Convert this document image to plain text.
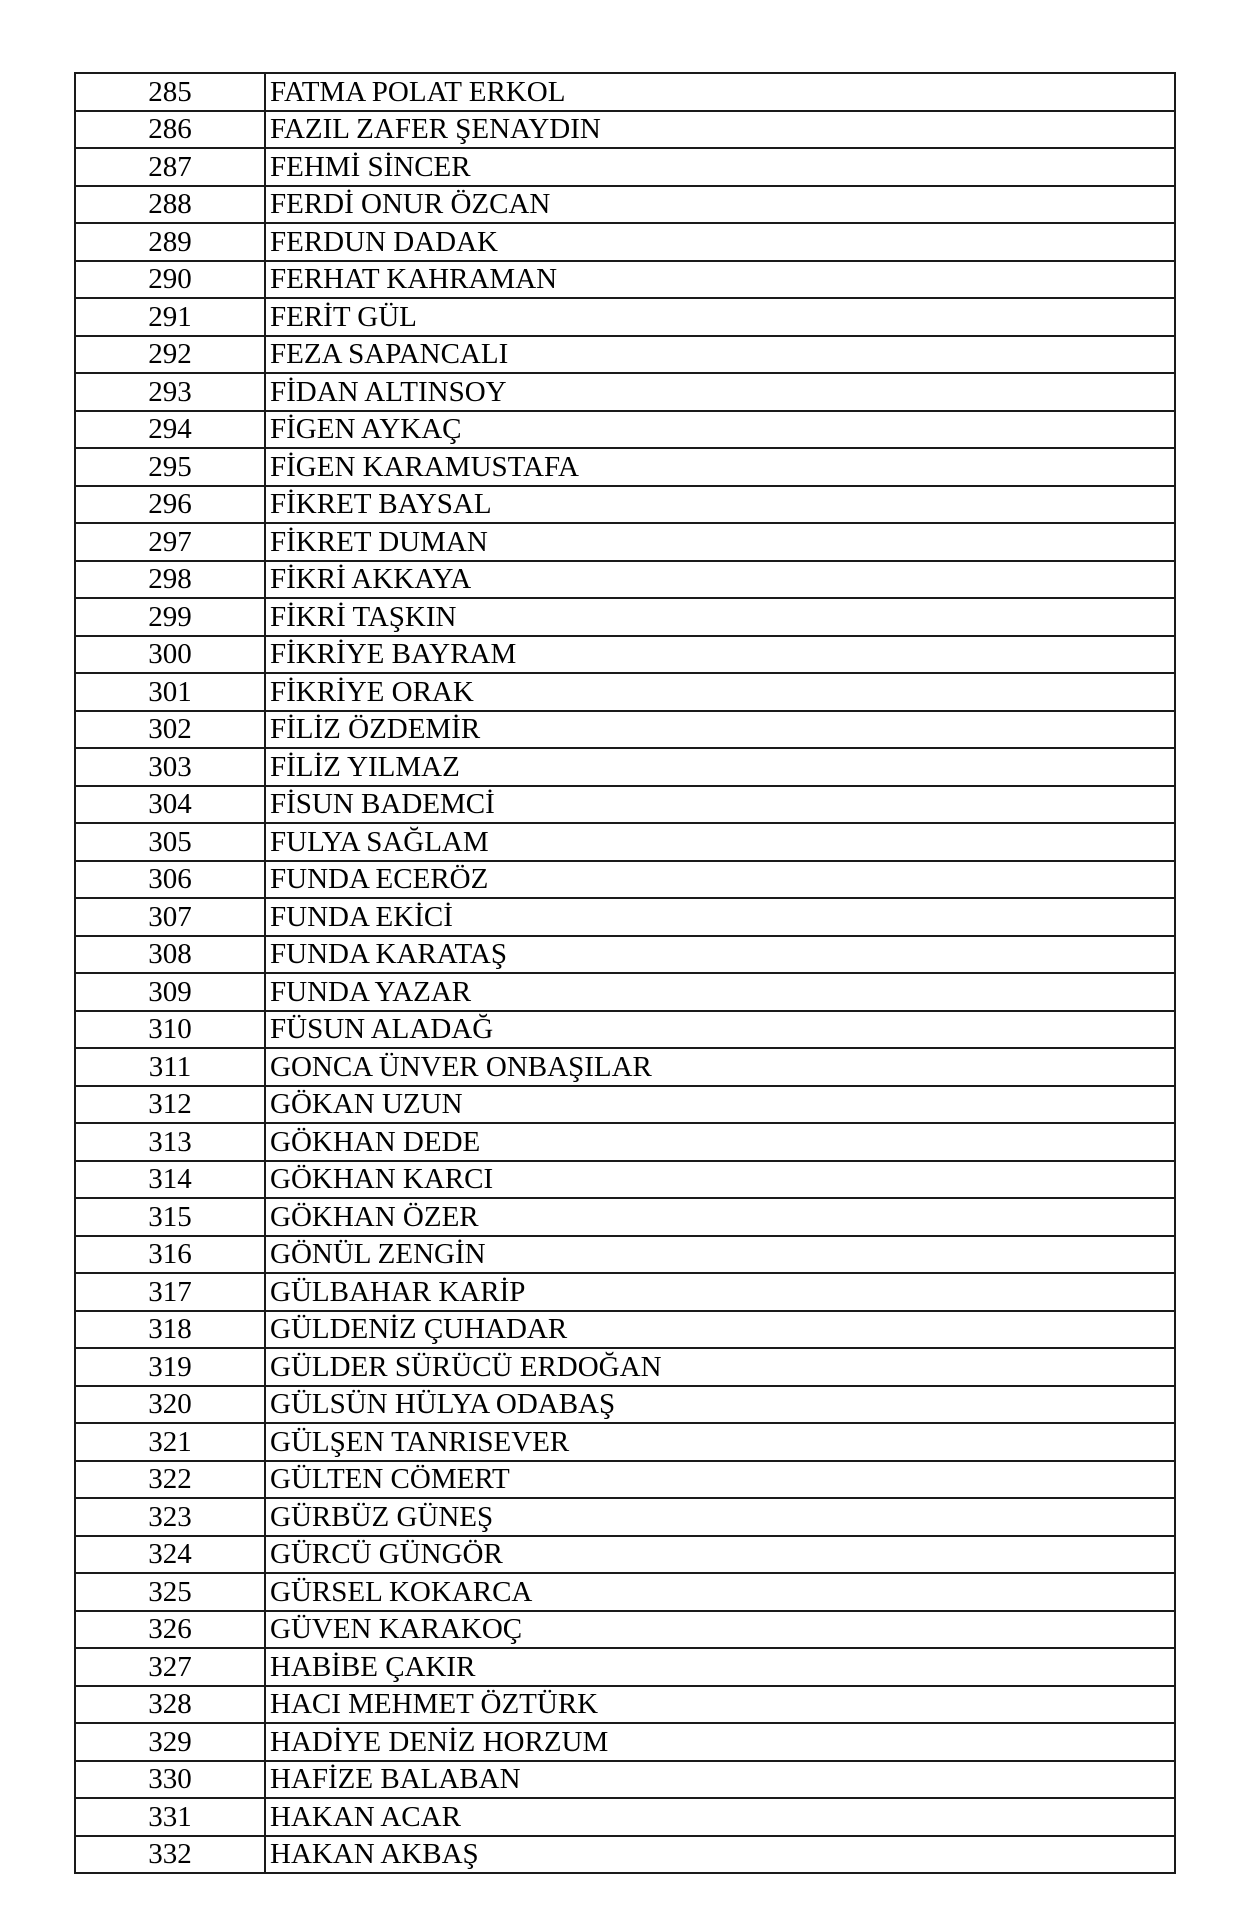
285	FATMA POLAT ERKOL
286	FAZIL ZAFER ŞENAYDIN
287	FEHMİ SİNCER
288	FERDİ ONUR ÖZCAN
289	FERDUN DADAK
290	FERHAT KAHRAMAN
291	FERİT GÜL
292	FEZA SAPANCALI
293	FİDAN ALTINSOY
294	FİGEN AYKAÇ
295	FİGEN KARAMUSTAFA
296	FİKRET BAYSAL
297	FİKRET DUMAN
298	FİKRİ AKKAYA
299	FİKRİ TAŞKIN
300	FİKRİYE BAYRAM
301	FİKRİYE ORAK
302	FİLİZ ÖZDEMİR
303	FİLİZ YILMAZ
304	FİSUN BADEMCİ
305	FULYA SAĞLAM
306	FUNDA ECERÖZ
307	FUNDA EKİCİ
308	FUNDA KARATAŞ
309	FUNDA YAZAR
310	FÜSUN ALADAĞ
311	GONCA ÜNVER ONBAŞILAR
312	GÖKAN UZUN
313	GÖKHAN DEDE
314	GÖKHAN KARCI
315	GÖKHAN ÖZER
316	GÖNÜL ZENGİN
317	GÜLBAHAR KARİP
318	GÜLDENİZ ÇUHADAR
319	GÜLDER SÜRÜCÜ ERDOĞAN
320	GÜLSÜN HÜLYA ODABAŞ
321	GÜLŞEN TANRISEVER
322	GÜLTEN CÖMERT
323	GÜRBÜZ GÜNEŞ
324	GÜRCÜ GÜNGÖR
325	GÜRSEL KOKARCA
326	GÜVEN KARAKOÇ
327	HABİBE ÇAKIR
328	HACI MEHMET ÖZTÜRK
329	HADİYE DENİZ HORZUM
330	HAFİZE BALABAN
331	HAKAN ACAR
332	HAKAN AKBAŞ
